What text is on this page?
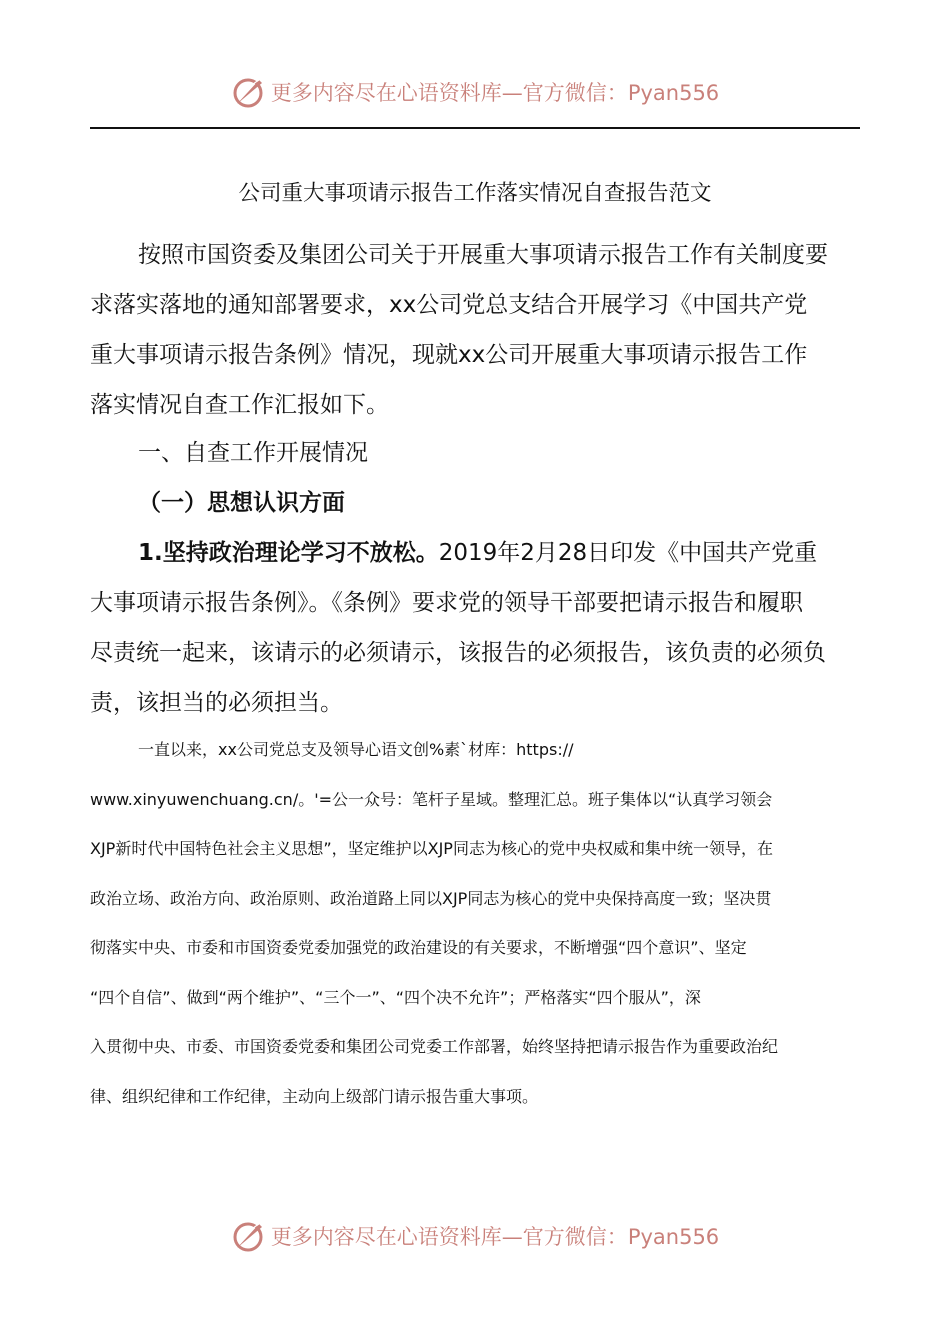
更多内容尽在心语资料库—官方微信：Pyan556
公司重大事项请示报告工作落实情况自查报告范文
按照市国资委及集团公司关于开展重大事项请示报告工作有关制度要
求落实落地的通知部署要求，xx公司党总支结合开展学习《中国共产党
重大事项请示报告条例》情况，现就xx公司开展重大事项请示报告工作
落实情况自查工作汇报如下。
一、自查工作开展情况
（一）思想认识方面
1.坚持政治理论学习不放松。2019年2月28日印发《中国共产党重
大事项请示报告条例》。《条例》要求党的领导干部要把请示报告和履职
尽责统一起来，该请示的必须请示，该报告的必须报告，该负责的必须负
责，该担当的必须担当。
一直以来，xx公司党总支及领导心语文创%素`材库：https://
www.xinyuwenchuang.cn/。'=公一众号：笔杆子星域。整理汇总。班子集体以“认真学习领会
XJP新时代中国特色社会主义思想”，坚定维护以XJP同志为核心的党中央权威和集中统一领导，在
政治立场、政治方向、政治原则、政治道路上同以XJP同志为核心的党中央保持高度一致；坚决贯
彻落实中央、市委和市国资委党委加强党的政治建设的有关要求，不断增强“四个意识”、坚定
“四个自信”、做到“两个维护”、“三个一”、“四个决不允许”；严格落实“四个服从”，深
入贯彻中央、市委、市国资委党委和集团公司党委工作部署，始终坚持把请示报告作为重要政治纪
律、组织纪律和工作纪律，主动向上级部门请示报告重大事项。
更多内容尽在心语资料库—官方微信：Pyan556
